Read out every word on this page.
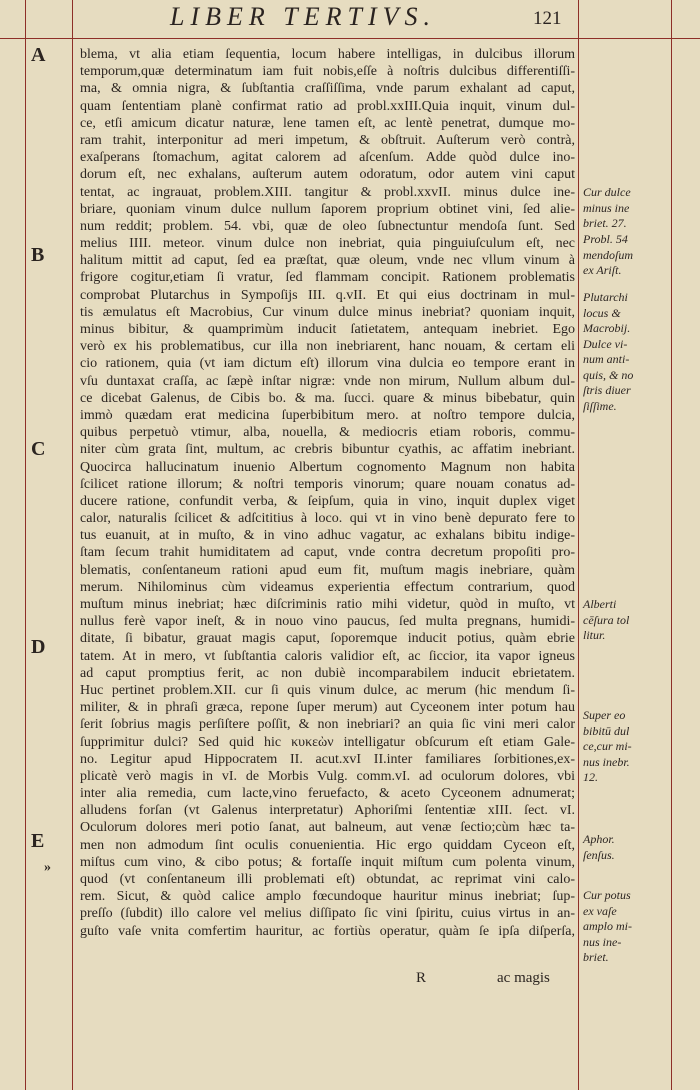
LIBER TERTIVS.	121
A
B
C
D
E
»
blema, vt alia etiam ſequentia, locum habere intelligas, in dulcibus illorum
temporum,quæ determinatum iam fuit nobis,eſſe à noſtris dulcibus differentiſſi-
ma, & omnia nigra, & ſubſtantia craſſiſſima, vnde parum exhalant ad caput,
quam ſententiam planè confirmat ratio ad probl.xxIII.Quia inquit, vinum dul-
ce, etſi amicum dicatur naturæ, lene tamen eſt, ac lentè penetrat, dumque mo-
ram trahit, interponitur ad meri impetum, & obſtruit. Auſterum verò contrà,
exaſperans ſtomachum, agitat calorem ad aſcenſum. Adde quòd dulce ino-
dorum eſt, nec exhalans, auſterum autem odoratum, odor autem vini caput
tentat, ac ingrauat, problem.XIII. tangitur & probl.xxvII. minus dulce ine-
briare, quoniam vinum dulce nullum ſaporem proprium obtinet vini, ſed alie-
num reddit; problem. 54. vbi, quæ de oleo ſubnectuntur mendoſa ſunt. Sed
melius IIII. meteor. vinum dulce non inebriat, quia pinguiuſculum eſt, nec
halitum mittit ad caput, ſed ea præſtat, quæ oleum, vnde nec vllum vinum à
frigore cogitur,etiam ſi vratur, ſed flammam concipit. Rationem problematis
comprobat Plutarchus in Sympoſijs III. q.vII. Et qui eius doctrinam in mul-
tis æmulatus eſt Macrobius, Cur vinum dulce minus inebriat? quoniam inquit,
minus bibitur, & quamprimùm inducit ſatietatem, antequam inebriet. Ego
verò ex his problematibus, cur illa non inebriarent, hanc nouam, & certam eli
cio rationem, quia (vt iam dictum eſt) illorum vina dulcia eo tempore erant in
vſu duntaxat craſſa, ac ſæpè inſtar nigræ: vnde non mirum, Nullum album dul-
ce dicebat Galenus, de Cibis bo. & ma. ſucci. quare & minus bibebatur, quin
immò quædam erat medicina ſuperbibitum mero. at noſtro tempore dulcia,
quibus perpetuò vtimur, alba, nouella, & mediocris etiam roboris, commu-
niter cùm grata ſint, multum, ac crebris bibuntur cyathis, ac affatim inebriant.
Quocirca hallucinatum inuenio Albertum cognomento Magnum non habita
ſcilicet ratione illorum; & noſtri temporis vinorum; quare nouam conatus ad-
ducere ratione, confundit verba, & ſeipſum, quia in vino, inquit duplex viget
calor, naturalis ſcilicet & adſcititius à loco. qui vt in vino benè depurato fere to
tus euanuit, at in muſto, & in vino adhuc vagatur, ac exhalans bibitu indige-
ſtam ſecum trahit humiditatem ad caput, vnde contra decretum propoſiti pro-
blematis, conſentaneum rationi apud eum fit, muſtum magis inebriare, quàm
merum. Nihilominus cùm videamus experientia effectum contrarium, quod
muſtum minus inebriat; hæc diſcriminis ratio mihi videtur, quòd in muſto, vt
nullus ferè vapor ineſt, & in nouo vino paucus, ſed multa pregnans, humidi-
ditate, ſi bibatur, grauat magis caput, ſoporemque inducit potius, quàm ebrie
tatem. At in mero, vt ſubſtantia caloris validior eſt, ac ſiccior, ita vapor igneus
ad caput promptius ferit, ac non dubiè incomparabilem inducit ebrietatem.
Huc pertinet problem.XII. cur ſi quis vinum dulce, ac merum (hic mendum ſi-
militer, & in phraſi græca, repone ſuper merum) aut Cyceonem inter potum hau
ſerit ſobrius magis perſiſtere poſſit, & non inebriari? an quia ſic vini meri calor
ſupprimitur dulci? Sed quid hic κυκεὼν intelligatur obſcurum eſt etiam Gale-
no. Legitur apud Hippocratem II. acut.xvI II.inter familiares ſorbitiones,ex-
plicatè verò magis in vI. de Morbis Vulg. comm.vI. ad oculorum dolores, vbi
inter alia remedia, cum lacte,vino feruefacto, & aceto Cyceonem adnumerat;
alludens forſan (vt Galenus interpretatur) Aphoriſmi ſententiæ xIII. ſect. vI.
Oculorum dolores meri potio ſanat, aut balneum, aut venæ ſectio;cùm hæc ta-
men non admodum ſint oculis conuenientia. Hic ergo quiddam Cyceon eſt,
miſtus cum vino, & cibo potus; & fortaſſe inquit miſtum cum polenta vinum,
quod (vt conſentaneum illi problemati eſt) obtundat, ac reprimat vini calo-
rem. Sicut, & quòd calice amplo fœcundoque hauritur minus inebriat; ſup-
preſſo (ſubdit) illo calore vel melius diſſipato ſic vini ſpiritu, cuius virtus in an-
guſto vaſe vnita comfertim hauritur, ac fortiùs operatur, quàm ſe ipſa diſperſa,
Cur dulce
minus ine
briet. 27.
Probl. 54
mendoſum
ex Ariſt.
Plutarchi
locus &
Macrobij.
Dulce vi-
num anti-
quis, & no
ſtris diuer
ſiſſime.
Alberti
cēſura tol
litur.
Super eo
bibitū dul
ce,cur mi-
nus inebr.
12.
Aphor.
ſenſus.
Cur potus
ex vaſe
amplo mi-
nus ine-
briet.
R	ac magis
